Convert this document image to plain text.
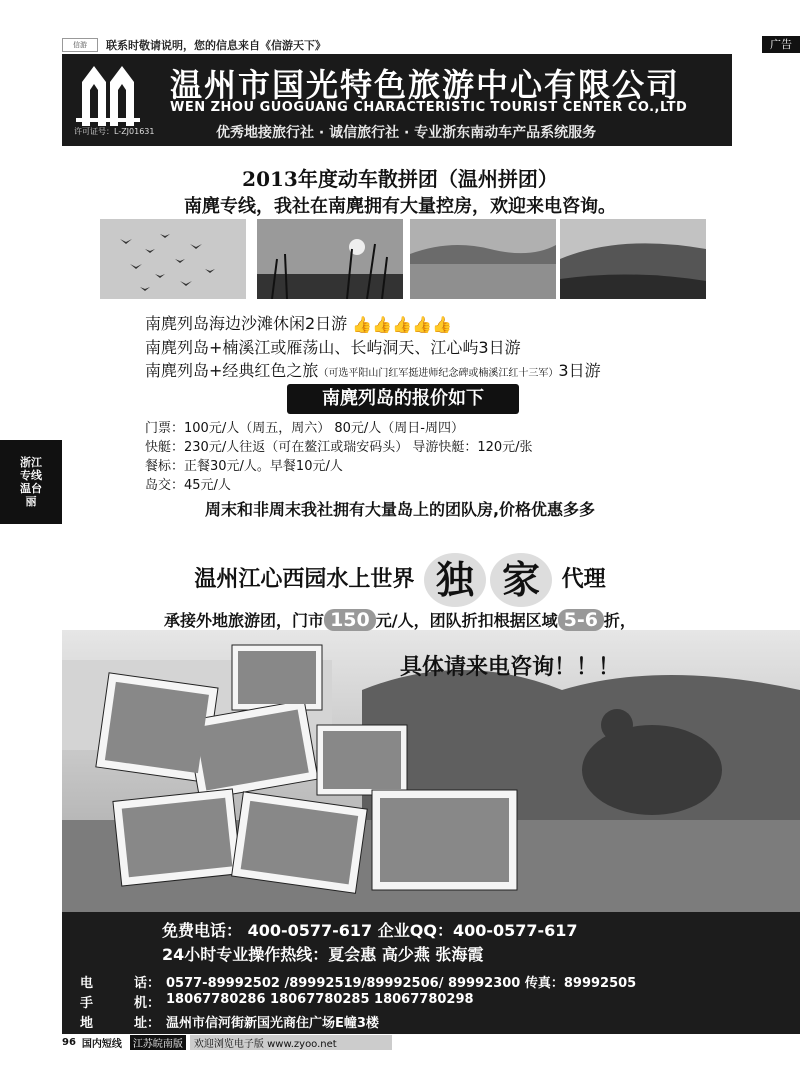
信游	联系时敬请说明，您的信息来自《信游天下》	广告
许可证号：L-ZJ01631
温州市国光特色旅游中心有限公司
WEN ZHOU GUOGUANG CHARACTERISTIC TOURIST CENTER CO.,LTD
优秀地接旅行社 · 诚信旅行社 · 专业浙东南动车产品系统服务
2013年度动车散拼团（温州拼团）
南麂专线，我社在南麂拥有大量控房，欢迎来电咨询。
南麂列岛海边沙滩休闲2日游 👍👍👍👍👍
南麂列岛+楠溪江或雁荡山、长屿洞天、江心屿3日游
南麂列岛+经典红色之旅（可选平阳山门红军挺进师纪念碑或楠溪江红十三军）3日游
南麂列岛的报价如下
门票：100元/人（周五，周六） 80元/人（周日-周四）
快艇：230元/人往返（可在鳌江或瑞安码头） 导游快艇：120元/张
餐标：正餐30元/人。早餐10元/人
岛交：45元/人
周末和非周末我社拥有大量岛上的团队房,价格优惠多多
浙江专线温台丽
温州江心西园水上世界 独 家 代理
承接外地旅游团，门市 150 元/人，团队折扣根据区域 5-6 折，
具体请来电咨询！！！
免费电话： 400-0577-617 企业QQ：400-0577-617
24小时专业操作热线：夏会惠 高少燕 张海霞
电	话： 0577-89992502 /89992519/89992506/ 89992300 传真：89992505
手	机： 18067780286 18067780285 18067780298
地	址： 温州市信河街新国光商住广场E幢3楼
96 国内短线	江苏皖南版	欢迎浏览电子版 www.zyoo.net
